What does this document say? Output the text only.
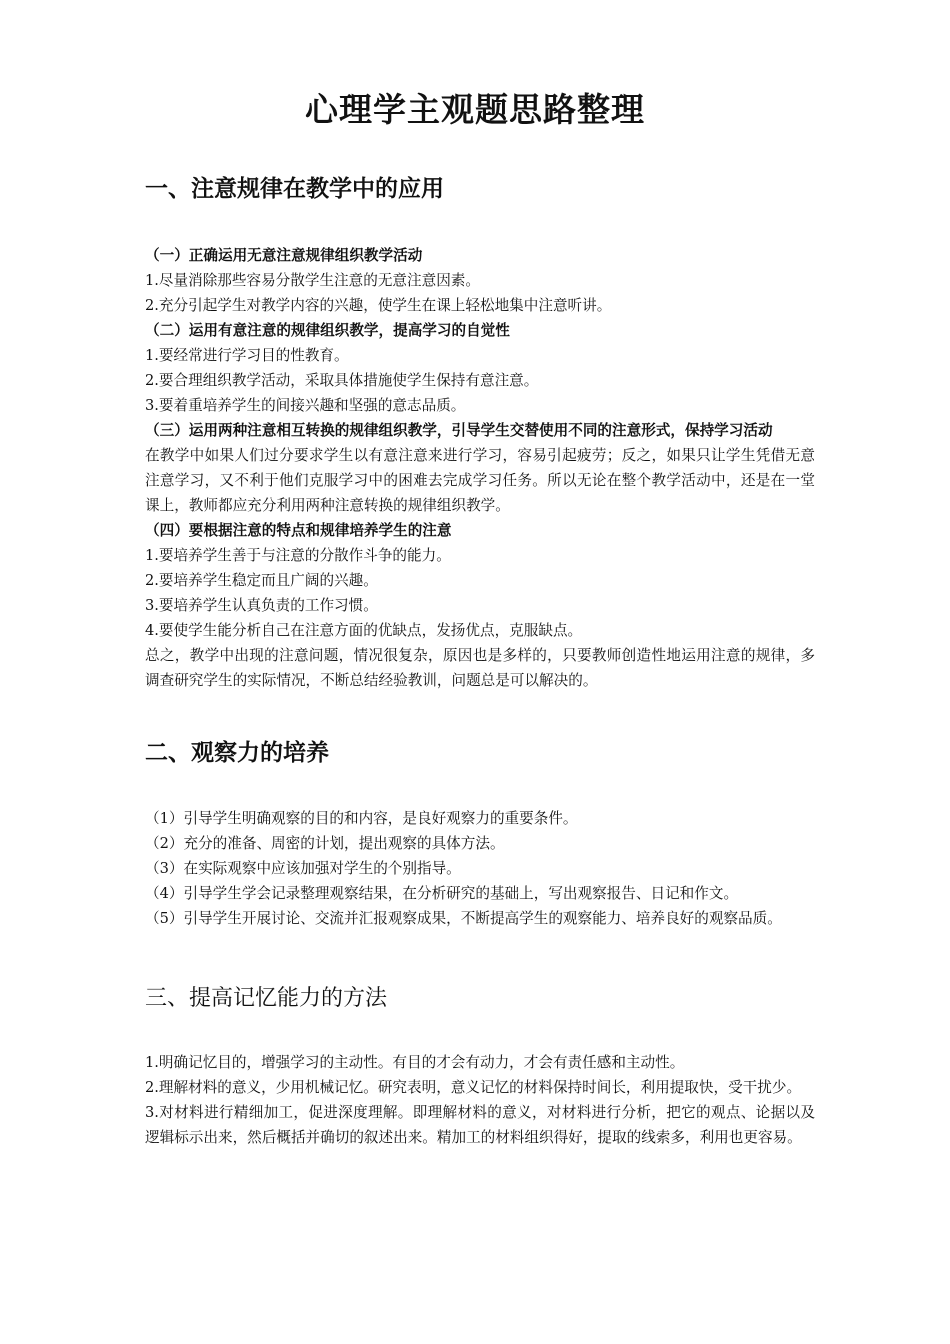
心理学主观题思路整理
一、注意规律在教学中的应用

（一）正确运用无意注意规律组织教学活动

1.尽量消除那些容易分散学生注意的无意注意因素。

2.充分引起学生对教学内容的兴趣，使学生在课上轻松地集中注意听讲。

（二）运用有意注意的规律组织教学，提高学习的自觉性

1.要经常进行学习目的性教育。

2.要合理组织教学活动，采取具体措施使学生保持有意注意。

3.要着重培养学生的间接兴趣和坚强的意志品质。

（三）运用两种注意相互转换的规律组织教学，引导学生交替使用不同的注意形式，保持学习活动

在教学中如果人们过分要求学生以有意注意来进行学习，容易引起疲劳；反之，如果只让学生凭借无意注意学习，又不利于他们克服学习中的困难去完成学习任务。所以无论在整个教学活动中，还是在一堂课上，教师都应充分利用两种注意转换的规律组织教学。

（四）要根据注意的特点和规律培养学生的注意

1.要培养学生善于与注意的分散作斗争的能力。

2.要培养学生稳定而且广阔的兴趣。

3.要培养学生认真负责的工作习惯。

4.要使学生能分析自己在注意方面的优缺点，发扬优点，克服缺点。

总之，教学中出现的注意问题，情况很复杂，原因也是多样的，只要教师创造性地运用注意的规律，多调查研究学生的实际情况，不断总结经验教训，问题总是可以解决的。

二、观察力的培养

（1）引导学生明确观察的目的和内容，是良好观察力的重要条件。

（2）充分的准备、周密的计划，提出观察的具体方法。

（3）在实际观察中应该加强对学生的个别指导。

（4）引导学生学会记录整理观察结果，在分析研究的基础上，写出观察报告、日记和作文。

（5）引导学生开展讨论、交流并汇报观察成果，不断提高学生的观察能力、培养良好的观察品质。

三、提高记忆能力的方法

1.明确记忆目的，增强学习的主动性。有目的才会有动力，才会有责任感和主动性。

2.理解材料的意义，少用机械记忆。研究表明，意义记忆的材料保持时间长，利用提取快，受干扰少。

3.对材料进行精细加工，促进深度理解。即理解材料的意义，对材料进行分析，把它的观点、论据以及逻辑标示出来，然后概括并确切的叙述出来。精加工的材料组织得好，提取的线索多，利用也更容易。
